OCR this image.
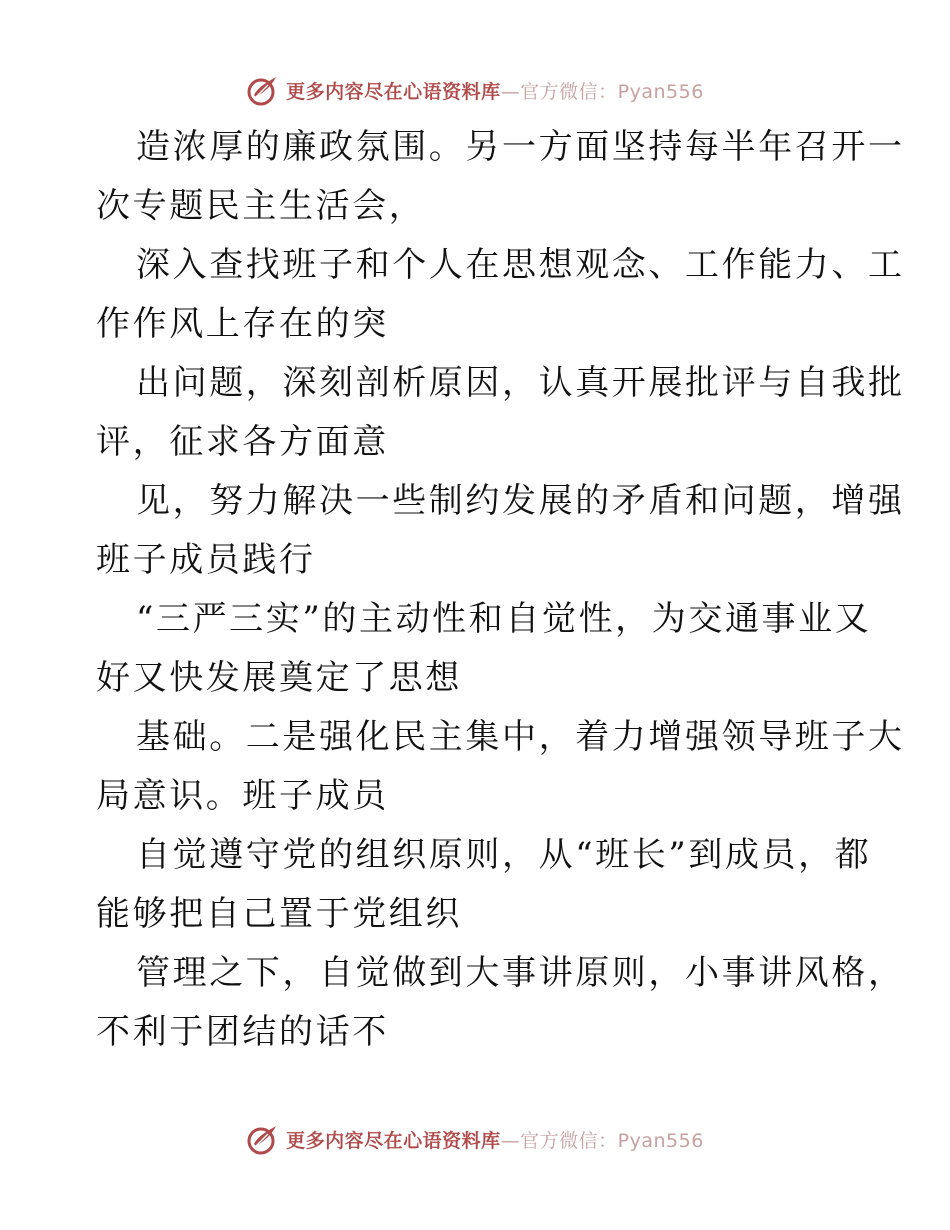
更多内容尽在心语资料库—官方微信：Pyan556
造浓厚的廉政氛围。另一方面坚持每半年召开一
次专题民主生活会，
深入查找班子和个人在思想观念、工作能力、工
作作风上存在的突
出问题，深刻剖析原因，认真开展批评与自我批
评，征求各方面意
见，努力解决一些制约发展的矛盾和问题，增强
班子成员践行
“三严三实”的主动性和自觉性，为交通事业又
好又快发展奠定了思想
基础。二是强化民主集中，着力增强领导班子大
局意识。班子成员
自觉遵守党的组织原则，从“班长”到成员，都
能够把自己置于党组织
管理之下，自觉做到大事讲原则，小事讲风格，
不利于团结的话不
更多内容尽在心语资料库—官方微信：Pyan556
